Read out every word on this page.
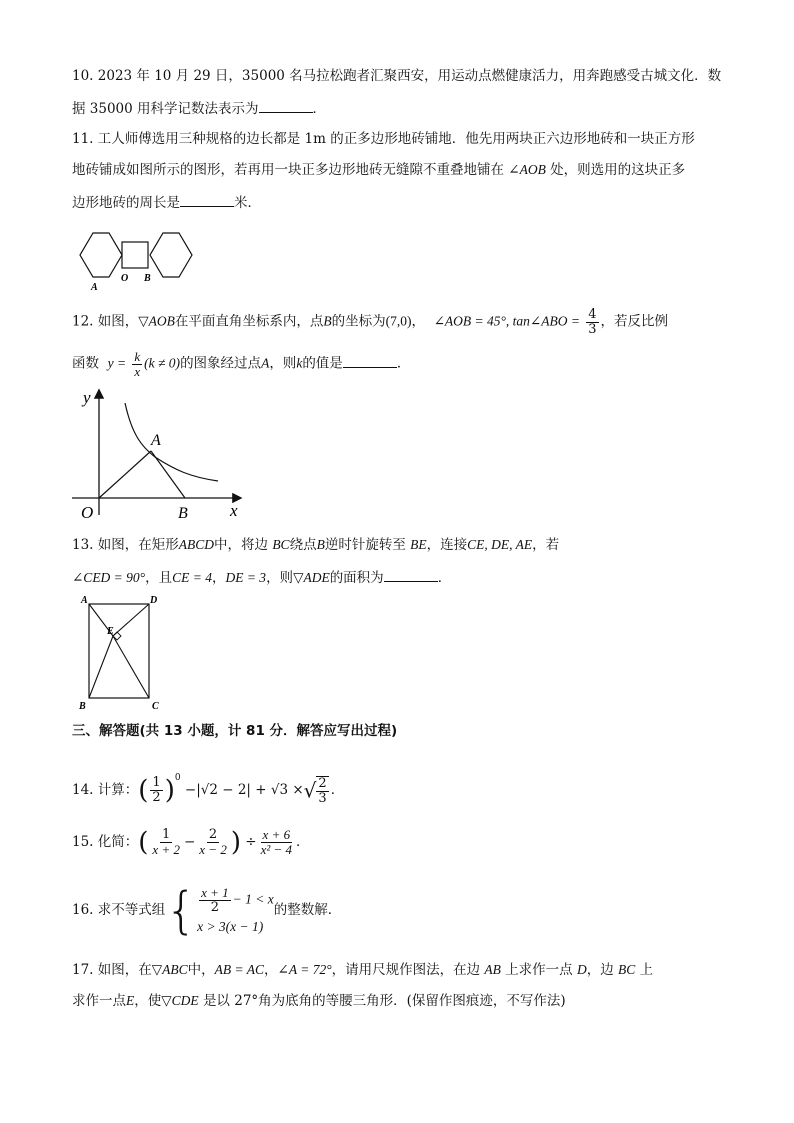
10. 2023 年 10 月 29 日，35000 名马拉松跑者汇聚西安，用运动点燃健康活力，用奔跑感受古城文化．数
据 35000 用科学记数法表示为	．
11. 工人师傅选用三种规格的边长都是 1m 的正多边形地砖铺地．他先用两块正六边形地砖和一块正方形
地砖铺成如图所示的图形，若再用一块正多边形地砖无缝隙不重叠地铺在 ∠AOB 处，则选用的这块正多
边形地砖的周长是	米．
A
O B
12. 如图，▽AOB在平面直角坐标系内，点B的坐标为(7,0)， ∠AOB = 45°, tan∠ABO = $\frac{4}{3}$ ，若反比例
函数 $y = \frac{k}{x} (k \ne 0)$的图象经过点A，则k的值是	．
y
A
O	B x
13. 如图，在矩形ABCD中，将边 BC绕点B逆时针旋转至 BE，连接CE, DE, AE，若
∠CED = 90°，且CE = 4，DE = 3，则▽ADE的面积为	．
A	D
E
B	C
三、解答题(共 13 小题，计 81 分．解答应写出过程)
14. 计算：( $\frac{1}{2} )^0 -|√2 - 2| + √3$ ×√ $\frac{2}{3}$ ．
15. 化简：( $\frac{1}{x + 2} - \frac{2}{x - 2}$ ) ÷ $\frac{x + 6}{\text{x² − 4}}$ ．
16. 求不等式组{ $\frac{x + 1}{2} - 1 < x$
x > 3(x − 1)
的整数解．
17. 如图，在▽ABC中，AB = AC，∠A = 72°，请用尺规作图法，在边 AB 上求作一点 D，边 BC 上
求作一点E，使▽CDE 是以 27°角为底角的等腰三角形．(保留作图痕迹，不写作法)
